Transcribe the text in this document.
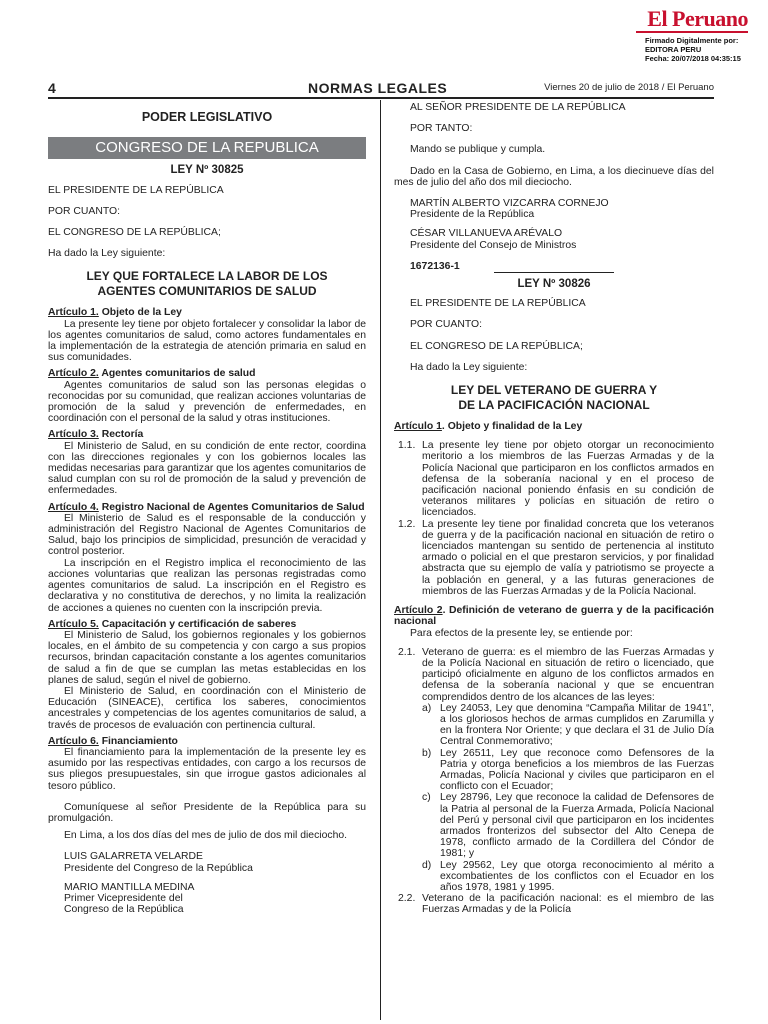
El Peruano
Firmado Digitalmente por:
EDITORA PERU
Fecha: 20/07/2018 04:35:15
4	NORMAS LEGALES	Viernes 20 de julio de 2018 / El Peruano

PODER LEGISLATIVO

CONGRESO DE LA REPUBLICA

LEY Nº 30825

EL PRESIDENTE DE LA REPÚBLICA

POR CUANTO:

EL CONGRESO DE LA REPÚBLICA;

Ha dado la Ley siguiente:

LEY QUE FORTALECE LA LABOR DE LOS
AGENTES COMUNITARIOS DE SALUD

Artículo 1. Objeto de la Ley

La presente ley tiene por objeto fortalecer y consolidar la labor de los agentes comunitarios de salud, como actores fundamentales en la implementación de la estrategia de atención primaria en salud en sus comunidades.

Artículo 2. Agentes comunitarios de salud

Agentes comunitarios de salud son las personas elegidas o reconocidas por su comunidad, que realizan acciones voluntarias de promoción de la salud y prevención de enfermedades, en coordinación con el personal de la salud y otras instituciones.

Artículo 3. Rectoría

El Ministerio de Salud, en su condición de ente rector, coordina con las direcciones regionales y con los gobiernos locales las medidas necesarias para garantizar que los agentes comunitarios de salud cumplan con su rol de promoción de la salud y prevención de enfermedades.

Artículo 4. Registro Nacional de Agentes Comunitarios de Salud

El Ministerio de Salud es el responsable de la conducción y administración del Registro Nacional de Agentes Comunitarios de Salud, bajo los principios de simplicidad, presunción de veracidad y control posterior.

La inscripción en el Registro implica el reconocimiento de las acciones voluntarias que realizan las personas registradas como agentes comunitarios de salud. La inscripción en el Registro es declarativa y no constitutiva de derechos, y no limita la realización de acciones a quienes no cuenten con la inscripción previa.

Artículo 5. Capacitación y certificación de saberes

El Ministerio de Salud, los gobiernos regionales y los gobiernos locales, en el ámbito de su competencia y con cargo a sus propios recursos, brindan capacitación constante a los agentes comunitarios de salud a fin de que se cumplan las metas establecidas en los planes de salud, según el nivel de gobierno.

El Ministerio de Salud, en coordinación con el Ministerio de Educación (SINEACE), certifica los saberes, conocimientos ancestrales y competencias de los agentes comunitarios de salud, a través de procesos de evaluación con pertinencia cultural.

Artículo 6. Financiamiento

El financiamiento para la implementación de la presente ley es asumido por las respectivas entidades, con cargo a los recursos de sus pliegos presupuestales, sin que irrogue gastos adicionales al tesoro público.

Comuníquese al señor Presidente de la República para su promulgación.

En Lima, a los dos días del mes de julio de dos mil dieciocho.

LUIS GALARRETA VELARDE

Presidente del Congreso de la República

MARIO MANTILLA MEDINA

Primer Vicepresidente del

Congreso de la República

AL SEÑOR PRESIDENTE DE LA REPÚBLICA

POR TANTO:

Mando se publique y cumpla.

Dado en la Casa de Gobierno, en Lima, a los diecinueve días del mes de julio del año dos mil dieciocho.

MARTÍN ALBERTO VIZCARRA CORNEJO

Presidente de la República

CÉSAR VILLANUEVA ARÉVALO

Presidente del Consejo de Ministros

1672136-1

LEY Nº 30826

EL PRESIDENTE DE LA REPÚBLICA

POR CUANTO:

EL CONGRESO DE LA REPÚBLICA;

Ha dado la Ley siguiente:

LEY DEL VETERANO DE GUERRA Y
DE LA PACIFICACIÓN NACIONAL

Artículo 1. Objeto y finalidad de la Ley

1.1. La presente ley tiene por objeto otorgar un reconocimiento meritorio a los miembros de las Fuerzas Armadas y de la Policía Nacional que participaron en los conflictos armados en defensa de la soberanía nacional y en el proceso de pacificación nacional poniendo énfasis en su condición de veteranos militares y policías en situación de retiro o licenciados.
1.2. La presente ley tiene por finalidad concreta que los veteranos de guerra y de la pacificación nacional en situación de retiro o licenciados mantengan su sentido de pertenencia al instituto armado o policial en el que prestaron servicios, y por finalidad abstracta que su ejemplo de valía y patriotismo se proyecte a la población en general, y a las futuras generaciones de miembros de las Fuerzas Armadas y de la Policía Nacional.

Artículo 2. Definición de veterano de guerra y de la pacificación nacional

Para efectos de la presente ley, se entiende por:

2.1. Veterano de guerra: es el miembro de las Fuerzas Armadas y de la Policía Nacional en situación de retiro o licenciado, que participó oficialmente en alguno de los conflictos armados en defensa de la soberanía nacional y que se encuentran comprendidos dentro de los alcances de las leyes:
a) Ley 24053, Ley que denomina “Campaña Militar de 1941”, a los gloriosos hechos de armas cumplidos en Zarumilla y en la frontera Nor Oriente; y que declara el 31 de Julio Día Central Conmemorativo;
b) Ley 26511, Ley que reconoce como Defensores de la Patria y otorga beneficios a los miembros de las Fuerzas Armadas, Policía Nacional y civiles que participaron en el conflicto con el Ecuador;
c) Ley 28796, Ley que reconoce la calidad de Defensores de la Patria al personal de la Fuerza Armada, Policía Nacional del Perú y personal civil que participaron en los incidentes armados fronterizos del subsector del Alto Cenepa de 1978, conflicto armado de la Cordillera del Cóndor de 1981; y
d) Ley 29562, Ley que otorga reconocimiento al mérito a excombatientes de los conflictos con el Ecuador en los años 1978, 1981 y 1995.
2.2. Veterano de la pacificación nacional: es el miembro de las Fuerzas Armadas y de la Policía
